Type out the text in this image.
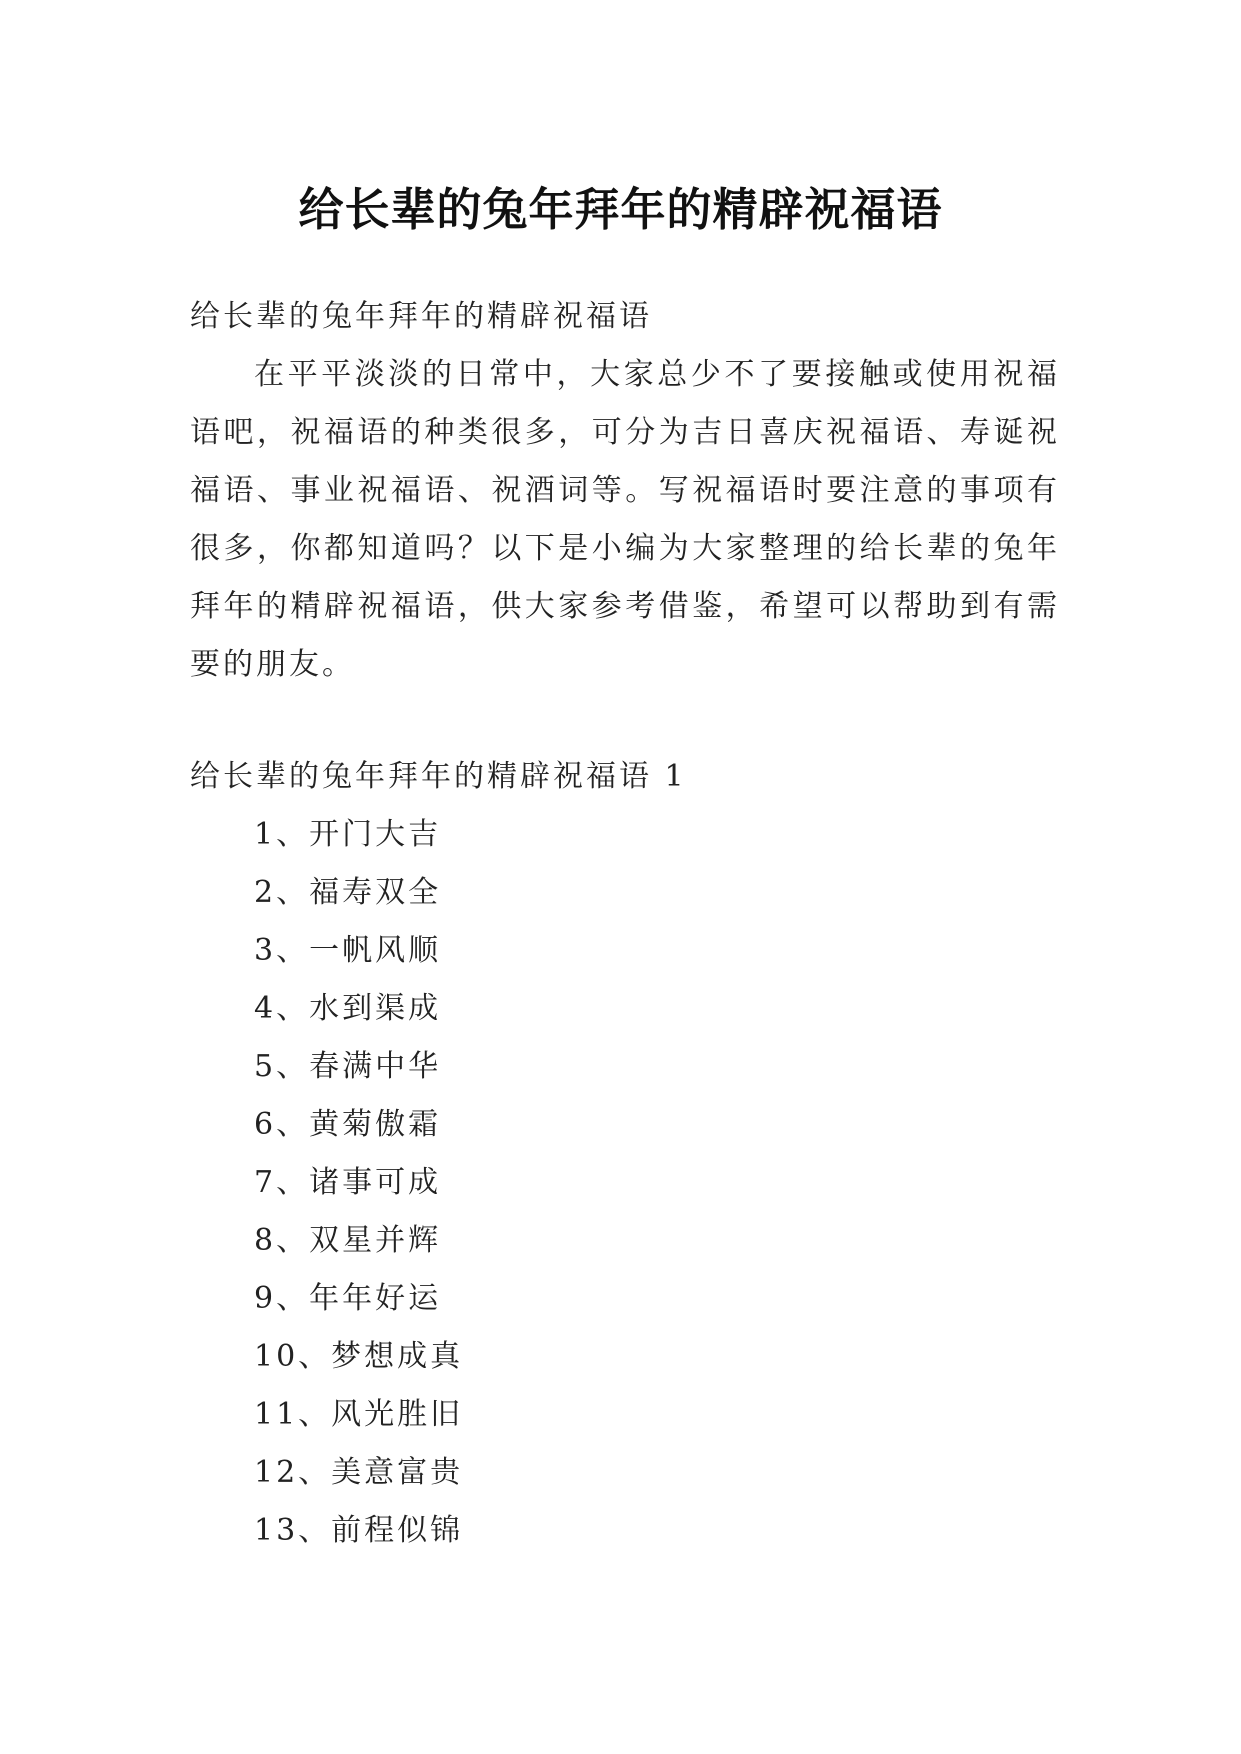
给长辈的兔年拜年的精辟祝福语

给长辈的兔年拜年的精辟祝福语

在平平淡淡的日常中，大家总少不了要接触或使用祝福语吧，祝福语的种类很多，可分为吉日喜庆祝福语、寿诞祝福语、事业祝福语、祝酒词等。写祝福语时要注意的事项有很多，你都知道吗？以下是小编为大家整理的给长辈的兔年拜年的精辟祝福语，供大家参考借鉴，希望可以帮助到有需要的朋友。

给长辈的兔年拜年的精辟祝福语 1

1、开门大吉
2、福寿双全
3、一帆风顺
4、水到渠成
5、春满中华
6、黄菊傲霜
7、诸事可成
8、双星并辉
9、年年好运
10、梦想成真
11、风光胜旧
12、美意富贵
13、前程似锦
